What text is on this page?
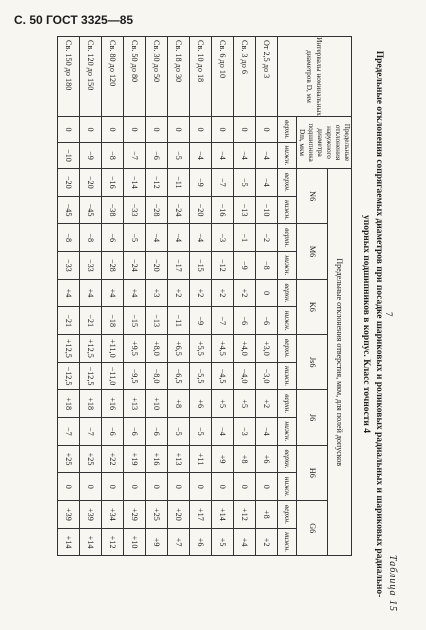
С. 50 ГОСТ 3325—85
7
Таблица 15
Предельные отклонения сопрягаемых диаметров при посадке шариковых и роликовых радиальных и шариковых радиально-упорных подшипников в корпус. Класс точности 4
Интервалы номинальных диаметров D, мм	Предельные отклонения наружного диаметра подшипника Dm, мкм		Предельные отклонения отверстия, мкм, для полей допусков													
			N6		M6		K6		Js6		J6		H6		G6	
	верхн.	нижн.	верхн.	нижн.	верхн.	нижн.	верхн.	нижн.	верхн.	нижн.	верхн.	нижн.	верхн.	нижн.	верхн.	нижн.
От 2,5 до 3	0	−4	−4	−10	−2	−8	0	−6	+3,0	−3,0	+2	−4	+6	0	+8	+2
Св. 3 до 6	0	−4	−5	−13	−1	−9	+2	−6	+4,0	−4,0	+5	−3	+8	0	+12	+4
Св. 6 до 10	0	−4	−7	−16	−3	−12	+2	−7	+4,5	−4,5	+5	−4	+9	0	+14	+5
Св. 10 до 18	0	−4	−9	−20	−4	−15	+2	−9	+5,5	−5,5	+6	−5	+11	0	+17	+6
Св. 18 до 30	0	−5	−11	−24	−4	−17	+2	−11	+6,5	−6,5	+8	−5	+13	0	+20	+7
Св. 30 до 50	0	−6	−12	−28	−4	−20	+3	−13	+8,0	−8,0	+10	−6	+16	0	+25	+9
Св. 50 до 80	0	−7	−14	−33	−5	−24	+4	−15	+9,5	−9,5	+13	−6	+19	0	+29	+10
Св. 80 до 120	0	−8	−16	−38	−6	−28	+4	−18	+11,0	−11,0	+16	−6	+22	0	+34	+12
Св. 120 до 150	0	−9	−20	−45	−8	−33	+4	−21	+12,5	−12,5	+18	−7	+25	0	+39	+14
Св. 150 до 180	0	−10	−20	−45	−8	−33	+4	−21	+12,5	−12,5	+18	−7	+25	0	+39	+14
